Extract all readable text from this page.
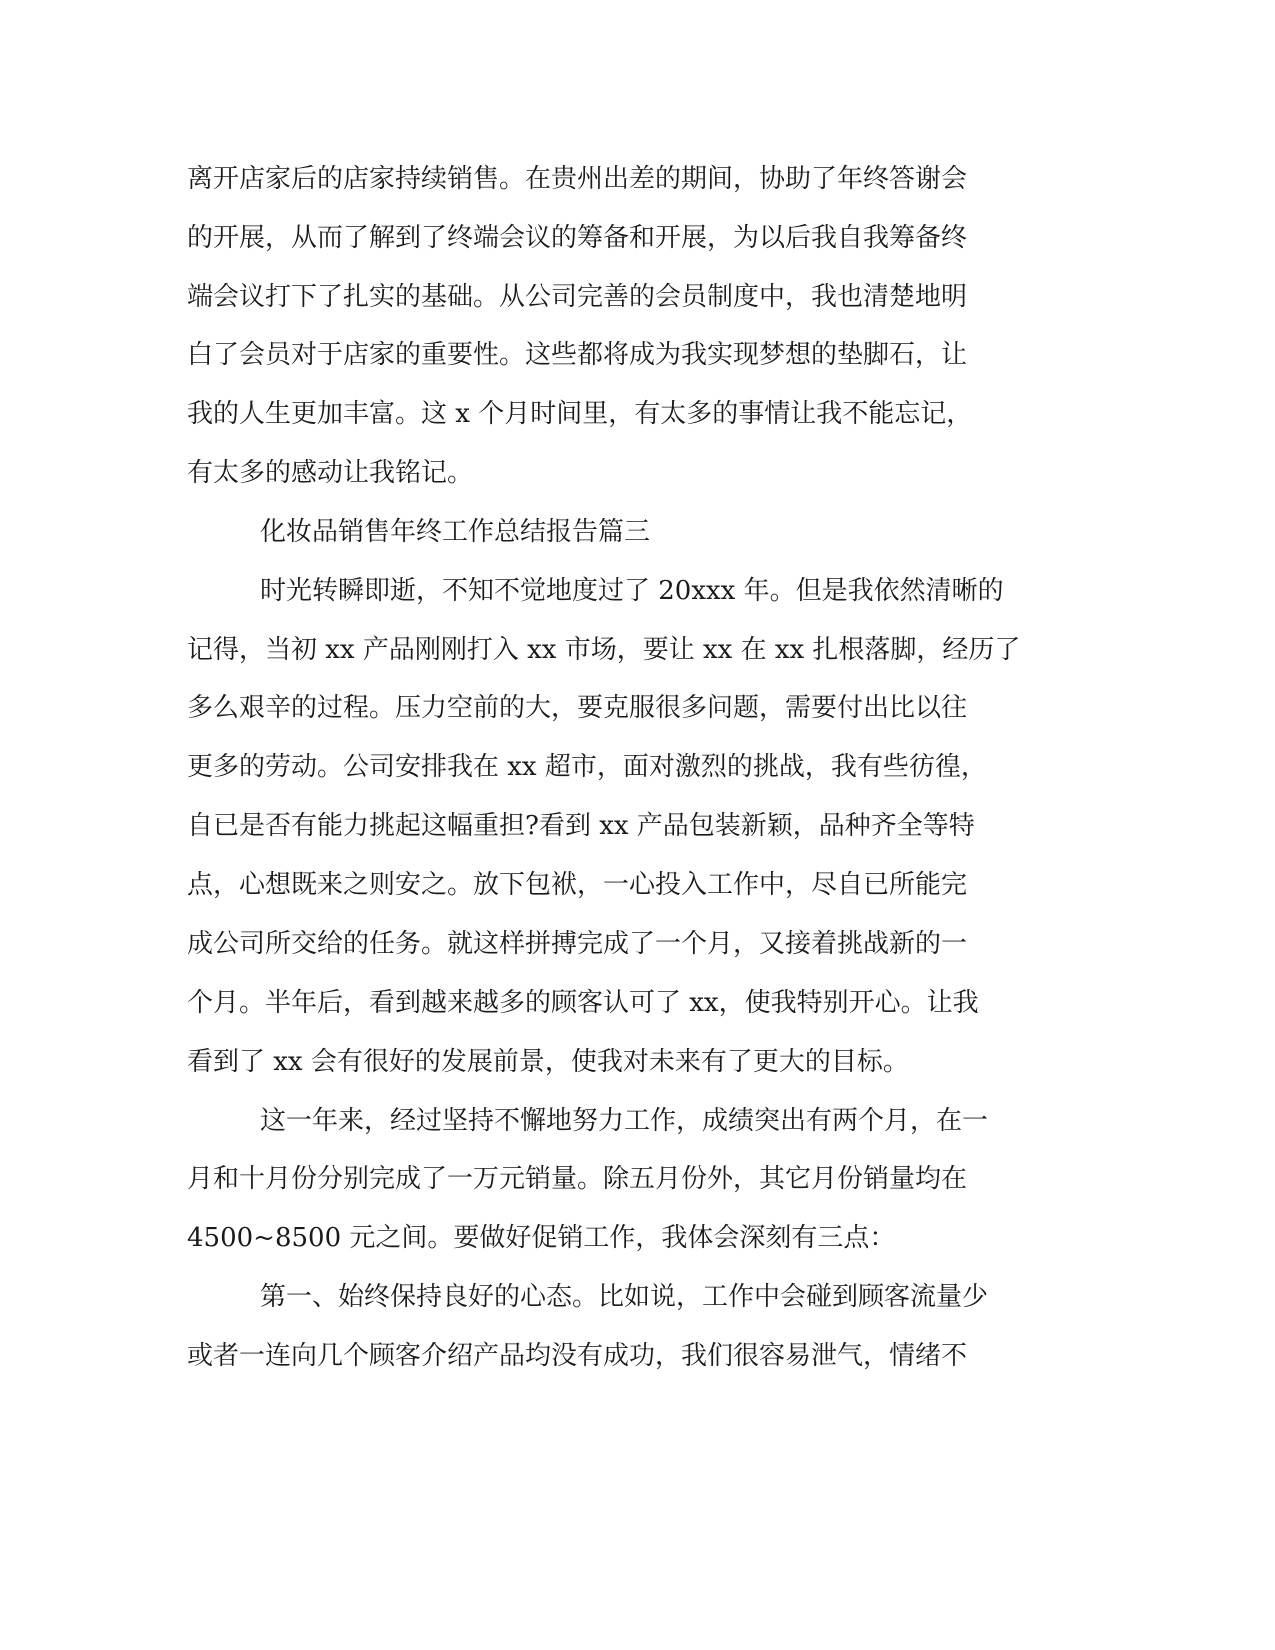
离开店家后的店家持续销售。在贵州出差的期间，协助了年终答谢会

的开展，从而了解到了终端会议的筹备和开展，为以后我自我筹备终

端会议打下了扎实的基础。从公司完善的会员制度中，我也清楚地明

白了会员对于店家的重要性。这些都将成为我实现梦想的垫脚石，让

我的人生更加丰富。这 x 个月时间里，有太多的事情让我不能忘记，

有太多的感动让我铭记。

化妆品销售年终工作总结报告篇三

时光转瞬即逝，不知不觉地度过了 20xxx 年。但是我依然清晰的

记得，当初 xx 产品刚刚打入 xx 市场，要让 xx 在 xx 扎根落脚，经历了

多么艰辛的过程。压力空前的大，要克服很多问题，需要付出比以往

更多的劳动。公司安排我在 xx 超市，面对激烈的挑战，我有些彷徨，

自已是否有能力挑起这幅重担?看到 xx 产品包装新颖，品种齐全等特

点，心想既来之则安之。放下包袱，一心投入工作中，尽自已所能完

成公司所交给的任务。就这样拼搏完成了一个月，又接着挑战新的一

个月。半年后，看到越来越多的顾客认可了 xx，使我特别开心。让我

看到了 xx 会有很好的发展前景，使我对未来有了更大的目标。

这一年来，经过坚持不懈地努力工作，成绩突出有两个月，在一

月和十月份分别完成了一万元销量。除五月份外，其它月份销量均在

4500~8500 元之间。要做好促销工作，我体会深刻有三点：

第一、始终保持良好的心态。比如说，工作中会碰到顾客流量少

或者一连向几个顾客介绍产品均没有成功，我们很容易泄气，情绪不
